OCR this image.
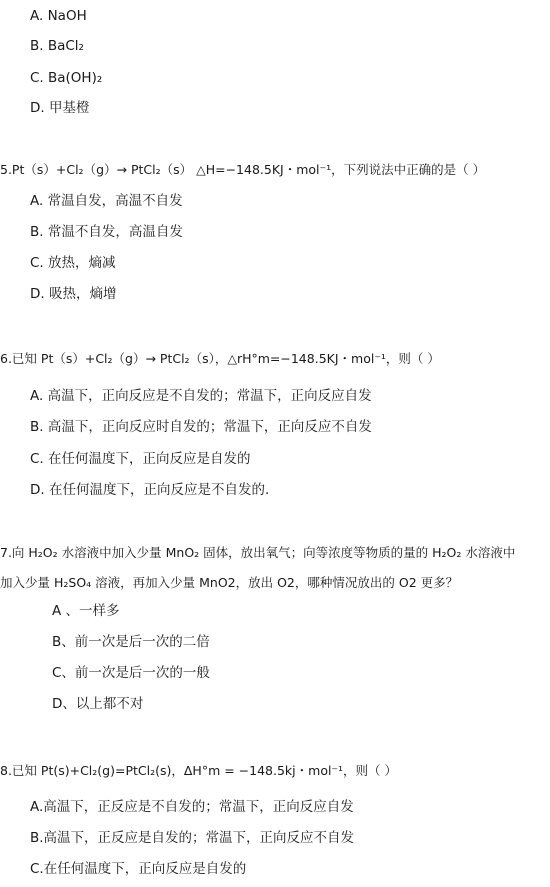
A. NaOH
B. BaCl₂
C. Ba(OH)₂
D. 甲基橙
5.Pt（s）+Cl₂（g）→ PtCl₂（s） △H=−148.5KJ・mol⁻¹，下列说法中正确的是（ ）
A. 常温自发，高温不自发
B. 常温不自发，高温自发
C. 放热，熵减
D. 吸热，熵增
6.已知 Pt（s）+Cl₂（g）→ PtCl₂（s），△rH°m=−148.5KJ・mol⁻¹，则（ ）
A. 高温下，正向反应是不自发的；常温下，正向反应自发
B. 高温下，正向反应时自发的；常温下，正向反应不自发
C. 在任何温度下，正向反应是自发的
D. 在任何温度下，正向反应是不自发的.
7.向 H₂O₂ 水溶液中加入少量 MnO₂ 固体，放出氧气；向等浓度等物质的量的 H₂O₂ 水溶液中
加入少量 H₂SO₄ 溶液，再加入少量 MnO2，放出 O2，哪种情况放出的 O2 更多？
A 、一样多
B、前一次是后一次的二倍
C、前一次是后一次的一般
D、以上都不对
8.已知 Pt(s)+Cl₂(g)=PtCl₂(s)，ΔH°m = −148.5kj・mol⁻¹，则（ ）
A.高温下，正反应是不自发的；常温下，正向反应自发
B.高温下，正反应是自发的；常温下，正向反应不自发
C.在任何温度下，正向反应是自发的
